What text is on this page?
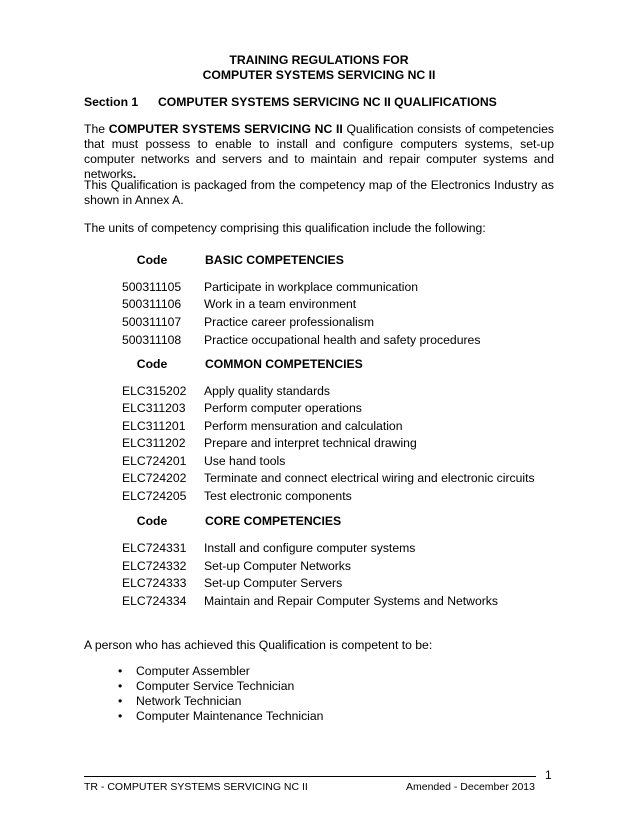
TRAINING REGULATIONS FOR
COMPUTER SYSTEMS SERVICING NC II
Section 1 COMPUTER SYSTEMS SERVICING NC II QUALIFICATIONS
The COMPUTER SYSTEMS SERVICING NC II Qualification consists of competencies that must possess to enable to install and configure computers systems, set-up computer networks and servers and to maintain and repair computer systems and networks.
This Qualification is packaged from the competency map of the Electronics Industry as shown in Annex A.
The units of competency comprising this qualification include the following:
Code	BASIC COMPETENCIES
500311105 Participate in workplace communication
500311106 Work in a team environment
500311107 Practice career professionalism
500311108 Practice occupational health and safety procedures
Code	COMMON COMPETENCIES
ELC315202 Apply quality standards
ELC311203 Perform computer operations
ELC311201 Perform mensuration and calculation
ELC311202 Prepare and interpret technical drawing
ELC724201 Use hand tools
ELC724202 Terminate and connect electrical wiring and electronic circuits
ELC724205 Test electronic components
Code	CORE COMPETENCIES
ELC724331 Install and configure computer systems
ELC724332 Set-up Computer Networks
ELC724333 Set-up Computer Servers
ELC724334 Maintain and Repair Computer Systems and Networks
A person who has achieved this Qualification is competent to be:
• Computer Assembler
• Computer Service Technician
• Network Technician
• Computer Maintenance Technician
1
TR - COMPUTER SYSTEMS SERVICING NC II	Amended - December 2013
